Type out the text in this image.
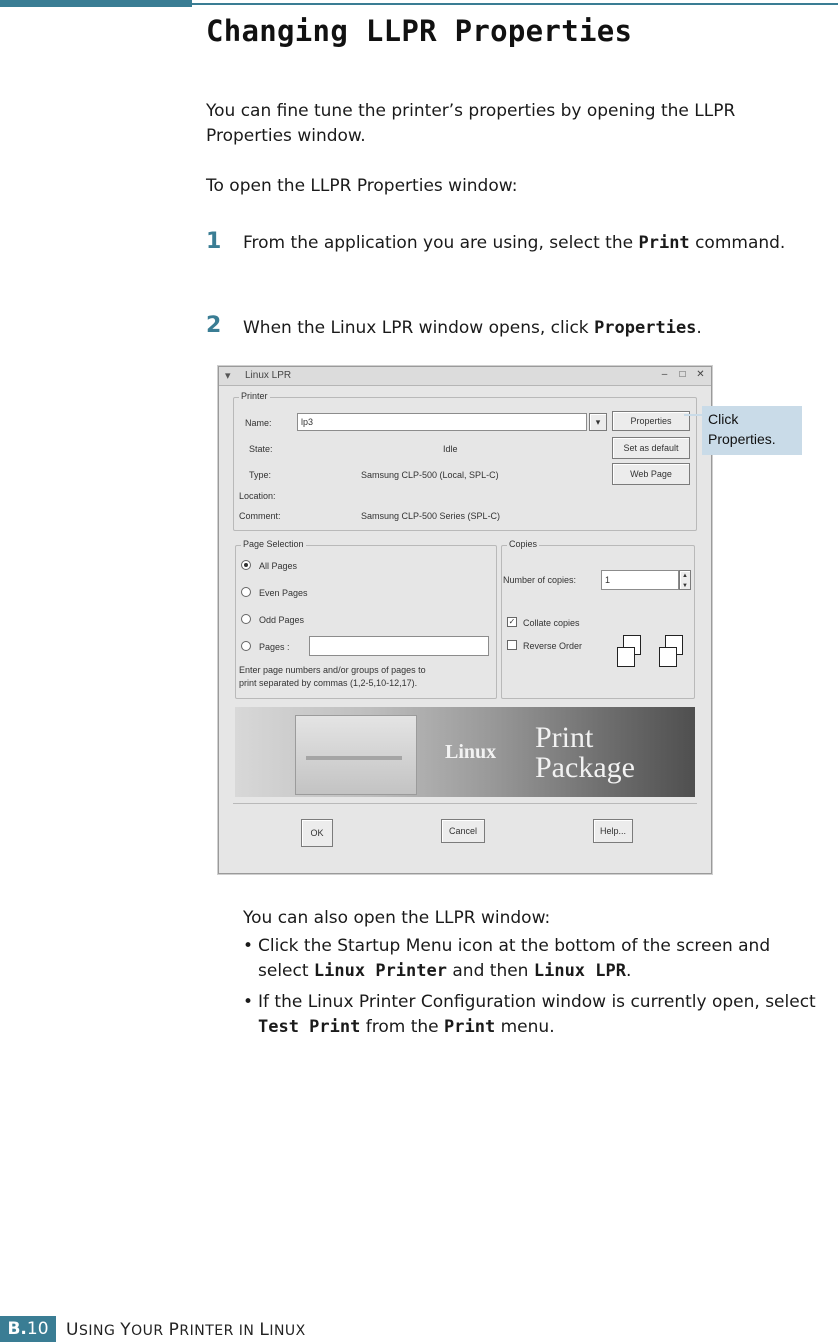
Changing LLPR Properties

You can fine tune the printer’s properties by opening the LLPR Properties window.

To open the LLPR Properties window:

1 From the application you are using, select the Print command.

2 When the Linux LPR window opens, click Properties.

▾ Linux LPR	–	□	✕
Printer
Name:	lp3	▾
State:	Idle
Type:	Samsung CLP-500 (Local, SPL-C)
Location:
Comment:	Samsung CLP-500 Series (SPL-C)
Properties
Set as default
Web Page
Page Selection
All Pages
Even Pages
Odd Pages
Pages :
Enter page numbers and/or groups of pages to
print separated by commas (1,2-5,10-12,17).
Copies
Number of copies:	1	▲
▼
✓ Collate copies
Reverse Order
Linux Print
Package
OK	Cancel	Help...
Click Properties.

You can also open the LLPR window:

• Click the Startup Menu icon at the bottom of the screen and select Linux Printer and then Linux LPR.
• If the Linux Printer Configuration window is currently open, select Test Print from the Print menu.
B.10	USING YOUR PRINTER IN LINUX
